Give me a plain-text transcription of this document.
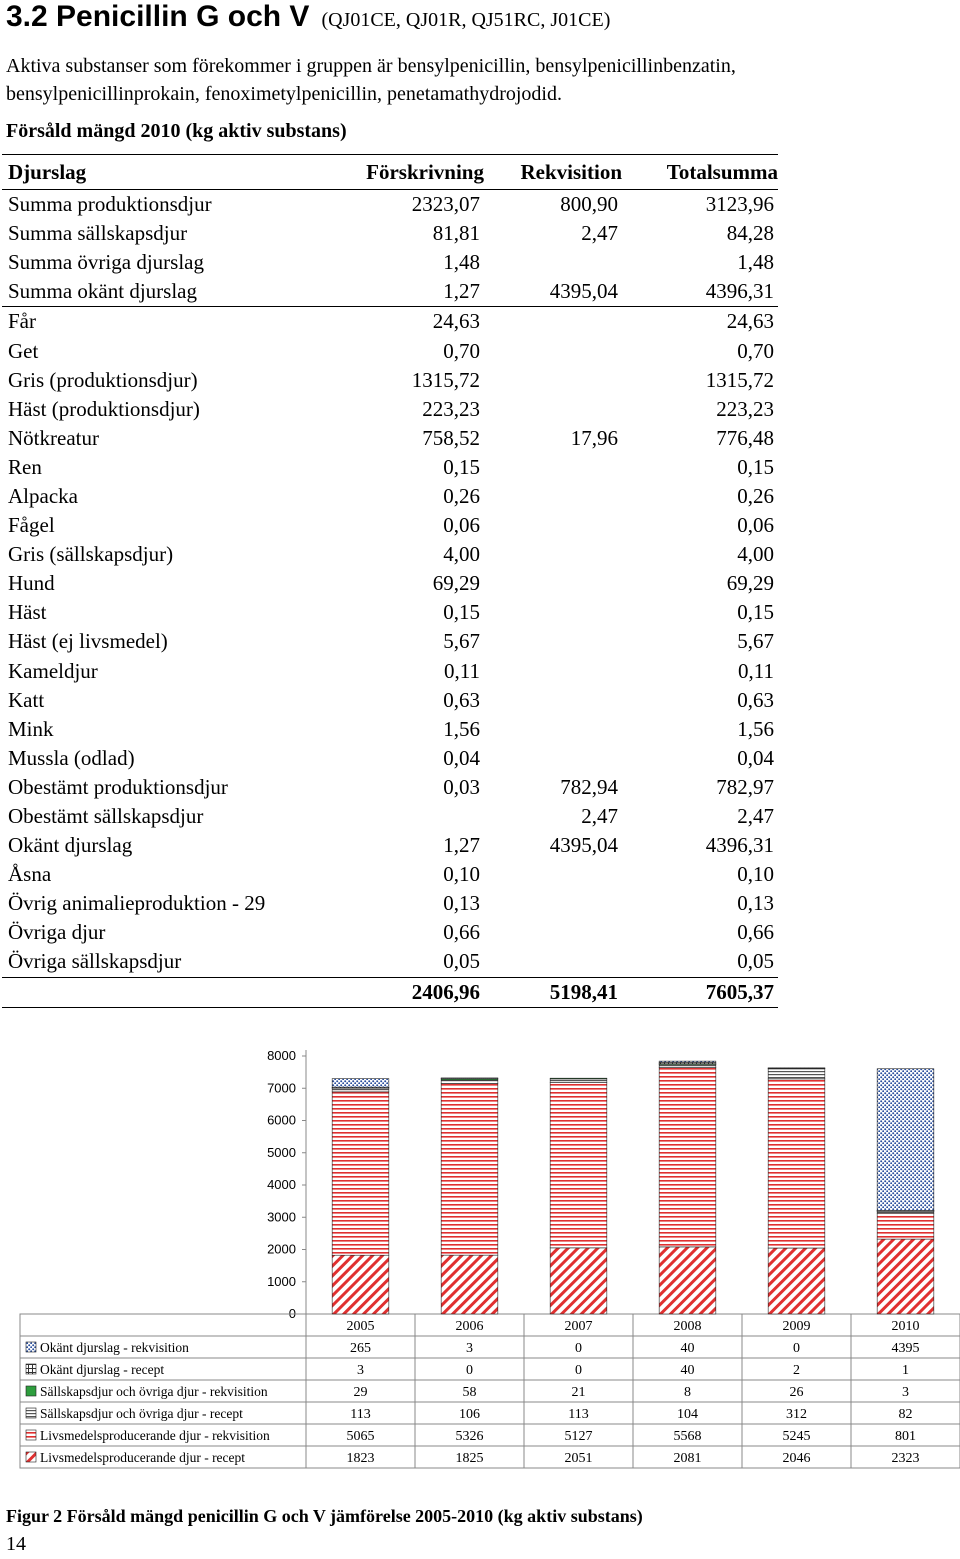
3.2 Penicillin G och V (QJ01CE, QJ01R, QJ51RC, J01CE)
Aktiva substanser som förekommer i gruppen är bensylpenicillin, bensylpenicillinbenzatin,
bensylpenicillinprokain, fenoximetylpenicillin, penetamathydrojodid.
Försåld mängd 2010 (kg aktiv substans)
Djurslag	Förskrivning	Rekvisition	Totalsumma
Summa produktionsdjur	2323,07	800,90	3123,96
Summa sällskapsdjur	81,81	2,47	84,28
Summa övriga djurslag	1,48		1,48
Summa okänt djurslag	1,27	4395,04	4396,31
Får	24,63		24,63
Get	0,70		0,70
Gris (produktionsdjur)	1315,72		1315,72
Häst (produktionsdjur)	223,23		223,23
Nötkreatur	758,52	17,96	776,48
Ren	0,15		0,15
Alpacka	0,26		0,26
Fågel	0,06		0,06
Gris (sällskapsdjur)	4,00		4,00
Hund	69,29		69,29
Häst	0,15		0,15
Häst (ej livsmedel)	5,67		5,67
Kameldjur	0,11		0,11
Katt	0,63		0,63
Mink	1,56		1,56
Mussla (odlad)	0,04		0,04
Obestämt produktionsdjur	0,03	782,94	782,97
Obestämt sällskapsdjur		2,47	2,47
Okänt djurslag	1,27	4395,04	4396,31
Åsna	0,10		0,10
Övrig animalieproduktion - 29	0,13		0,13
Övriga djur	0,66		0,66
Övriga sällskapsdjur	0,05		0,05
	2406,96	5198,41	7605,37
0
1000
2000
3000
4000
5000
6000
7000
8000
2005	2006	2007	2008	2009	2010
Okänt djurslag - rekvisition	265	3	0	40	0	4395
Okänt djurslag - recept	3	0	0	40	2	1
Sällskapsdjur och övriga djur - rekvisition	29	58	21	8	26	3
Sällskapsdjur och övriga djur - recept	113	106	113	104	312	82
Livsmedelsproducerande djur - rekvisition	5065	5326	5127	5568	5245	801
Livsmedelsproducerande djur - recept	1823	1825	2051	2081	2046	2323
Figur 2 Försåld mängd penicillin G och V jämförelse 2005-2010 (kg aktiv substans)
14
